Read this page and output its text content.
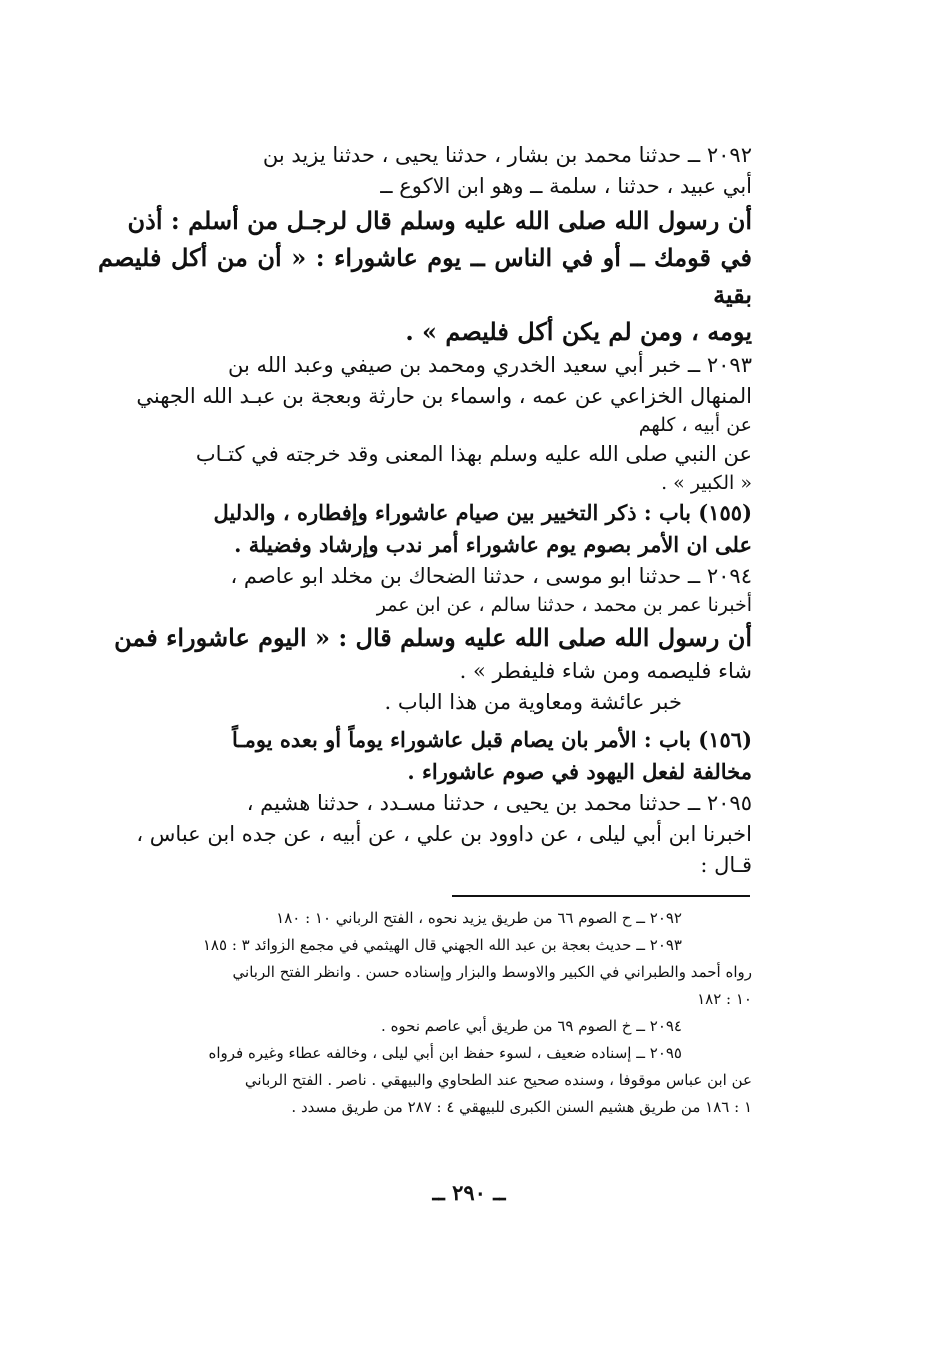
٢٠٩٢ ــ حدثنا محمد بن بشار ، حدثنا يحيى ، حدثنا يزيد بن
أبي عبيد ، حدثنا ، سلمة ــ وهو ابن الاكوع ــ
أن رسول الله صلى الله عليه وسلم قال لرجـل من أسلم : أذن
في قومك ــ أو في الناس ــ يوم عاشوراء : « أن من أكل فليصم بقية
يومه ، ومن لم يكن أكل فليصم » .
٢٠٩٣ ــ خبر أبي سعيد الخدري ومحمد بن صيفي وعبد الله بن
المنهال الخزاعي عن عمه ، واسماء بن حارثة وبعجة بن عبـد الله الجهني
عن أبيه ، كلهم
عن النبي صلى الله عليه وسلم بهذا المعنى وقد خرجته في كتـاب
« الكبير » .
(١٥٥) باب : ذكر التخيير بين صيام عاشوراء وإفطاره ، والدليل
على ان الأمر بصوم يوم عاشوراء أمر ندب وإرشاد وفضيلة .
٢٠٩٤ ــ حدثنا ابو موسى ، حدثنا الضحاك بن مخلد ابو عاصم ،
أخبرنا عمر بن محمد ، حدثنا سالم ، عن ابن عمر
أن رسول الله صلى الله عليه وسلم قال : « اليوم عاشوراء فمن
شاء فليصمه ومن شاء فليفطر » .
خبر عائشة ومعاوية من هذا الباب .
(١٥٦) باب : الأمر بان يصام قبل عاشوراء يوماً أو بعده يومـاً
مخالفة لفعل اليهود في صوم عاشوراء .
٢٠٩٥ ــ حدثنا محمد بن يحيى ، حدثنا مسـدد ، حدثنا هشيم ،
اخبرنا ابن أبي ليلى ، عن داوود بن علي ، عن أبيه ، عن جده ابن عباس ،
قـال :
٢٠٩٢ ــ ح الصوم ٦٦ من طريق يزيد نحوه ، الفتح الرباني ١٠ : ١٨٠
٢٠٩٣ ــ حديث بعجة بن عبد الله الجهني قال الهيثمي في مجمع الزوائد ٣ : ١٨٥
رواه أحمد والطبراني في الكبير والاوسط والبزار وإسناده حسن . وانظر الفتح الرباني
١٠ : ١٨٢
٢٠٩٤ ــ خ الصوم ٦٩ من طريق أبي عاصم نحوه .
٢٠٩٥ ــ إسناده ضعيف ، لسوء حفظ ابن أبي ليلى ، وخالفه عطاء وغيره فرواه
عن ابن عباس موقوفا ، وسنده صحيح عند الطحاوي والبيهقي . ناصر . الفتح الرباني
١ : ١٨٦ من طريق هشيم السنن الكبرى للبيهقي ٤ : ٢٨٧ من طريق مسدد .
ــ ٢٩٠ ــ
